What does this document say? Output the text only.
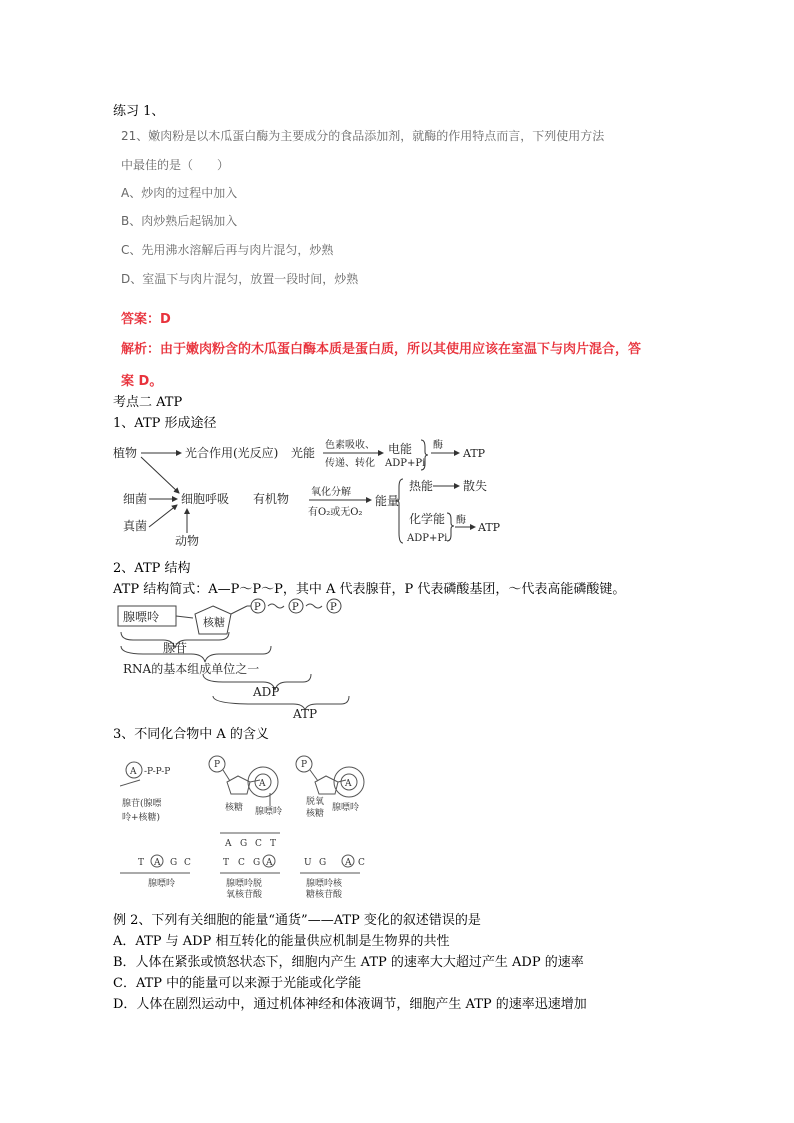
练习 1、
21、嫩肉粉是以木瓜蛋白酶为主要成分的食品添加剂，就酶的作用特点而言，下列使用方法
中最佳的是（　　）
A、炒肉的过程中加入
B、肉炒熟后起锅加入
C、先用沸水溶解后再与肉片混匀，炒熟
D、室温下与肉片混匀，放置一段时间，炒熟
答案：D
解析：由于嫩肉粉含的木瓜蛋白酶本质是蛋白质，所以其使用应该在室温下与肉片混合，答
案 D。
考点二 ATP
1、ATP 形成途径
植物	光合作用(光反应) 光能
色素吸收、
传递、转化
电能
ADP+Pi
酶
ATP
细菌
真菌
动物
细胞呼吸 有机物 氧化分解
有O₂或无O₂
能量
热能 散失
化学能
ADP+Pi
酶
ATP
2、ATP 结构
ATP 结构简式：A—P～P～P，其中 A 代表腺苷，P 代表磷酸基团，～代表高能磷酸键。
腺嘌呤	核糖
P	P	P
腺苷
RNA的基本组成单位之一
ADP
ATP
3、不同化合物中 A 的含义
A -P-P-P
腺苷(腺嘌
呤+核糖)
P
A
核糖 腺嘌呤
P
A
脱氧
核糖
腺嘌呤
A G C T
T A G C
腺嘌呤
T C G A
腺嘌呤脱
氧核苷酸
U G A C
腺嘌呤核
糖核苷酸
例 2、下列有关细胞的能量“通货”——ATP 变化的叙述错误的是
A．ATP 与 ADP 相互转化的能量供应机制是生物界的共性
B．人体在紧张或愤怒状态下，细胞内产生 ATP 的速率大大超过产生 ADP 的速率
C．ATP 中的能量可以来源于光能或化学能
D．人体在剧烈运动中，通过机体神经和体液调节，细胞产生 ATP 的速率迅速增加
